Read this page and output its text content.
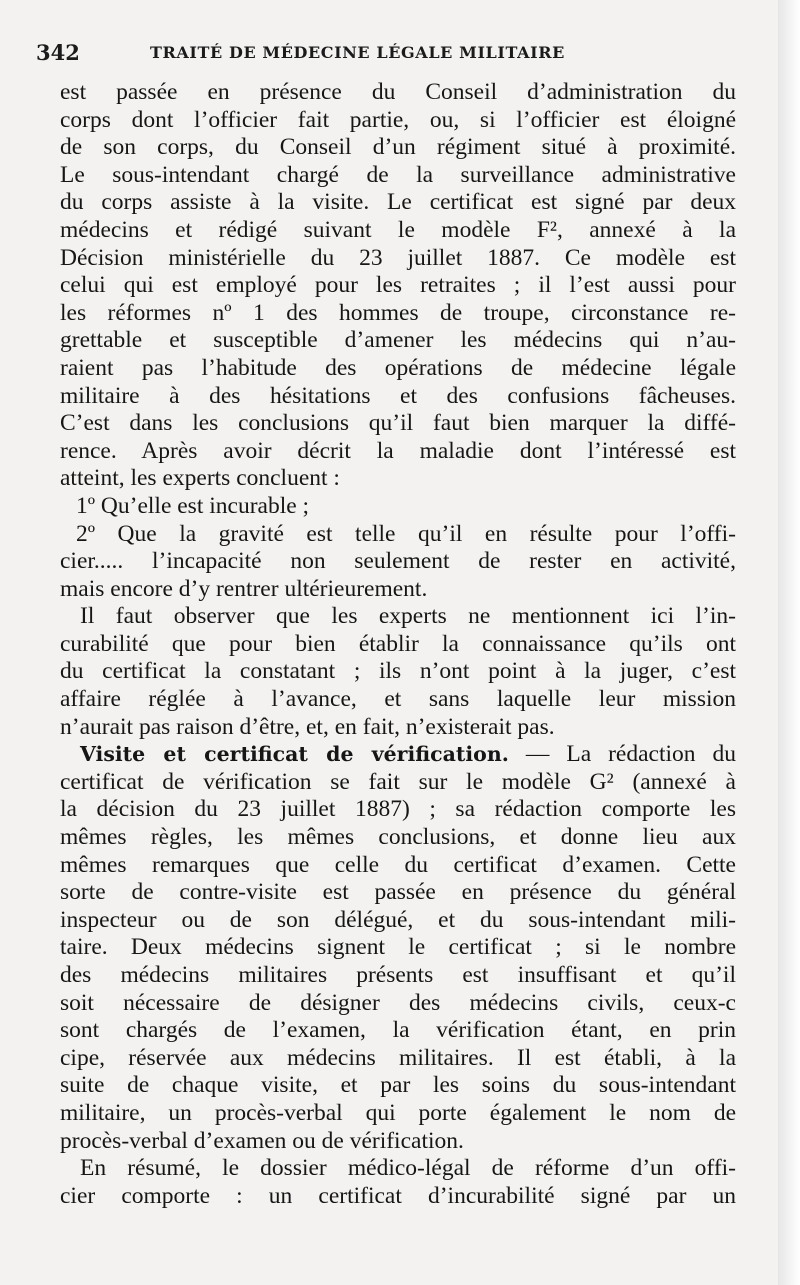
342	TRAITÉ DE MÉDECINE LÉGALE MILITAIRE
est passée en présence du Conseil d’administration du
corps dont l’officier fait partie, ou, si l’officier est éloigné
de son corps, du Conseil d’un régiment situé à proximité.
Le sous-intendant chargé de la surveillance administrative
du corps assiste à la visite. Le certificat est signé par deux
médecins et rédigé suivant le modèle F², annexé à la
Décision ministérielle du 23 juillet 1887. Ce modèle est
celui qui est employé pour les retraites ; il l’est aussi pour
les réformes nº 1 des hommes de troupe, circonstance re-
grettable et susceptible d’amener les médecins qui n’au-
raient pas l’habitude des opérations de médecine légale
militaire à des hésitations et des confusions fâcheuses.
C’est dans les conclusions qu’il faut bien marquer la diffé-
rence. Après avoir décrit la maladie dont l’intéressé est
atteint, les experts concluent :
1º Qu’elle est incurable ;
2º Que la gravité est telle qu’il en résulte pour l’offi-
cier..... l’incapacité non seulement de rester en activité,
mais encore d’y rentrer ultérieurement.
Il faut observer que les experts ne mentionnent ici l’in-
curabilité que pour bien établir la connaissance qu’ils ont
du certificat la constatant ; ils n’ont point à la juger, c’est
affaire réglée à l’avance, et sans laquelle leur mission
n’aurait pas raison d’être, et, en fait, n’existerait pas.
Visite et certificat de vérification. — La rédaction du
certificat de vérification se fait sur le modèle G² (annexé à
la décision du 23 juillet 1887) ; sa rédaction comporte les
mêmes règles, les mêmes conclusions, et donne lieu aux
mêmes remarques que celle du certificat d’examen. Cette
sorte de contre-visite est passée en présence du général
inspecteur ou de son délégué, et du sous-intendant mili-
taire. Deux médecins signent le certificat ; si le nombre
des médecins militaires présents est insuffisant et qu’il
soit nécessaire de désigner des médecins civils, ceux-c
sont chargés de l’examen, la vérification étant, en prin
cipe, réservée aux médecins militaires. Il est établi, à la
suite de chaque visite, et par les soins du sous-intendant
militaire, un procès-verbal qui porte également le nom de
procès-verbal d’examen ou de vérification.
En résumé, le dossier médico-légal de réforme d’un offi-
cier comporte : un certificat d’incurabilité signé par un
